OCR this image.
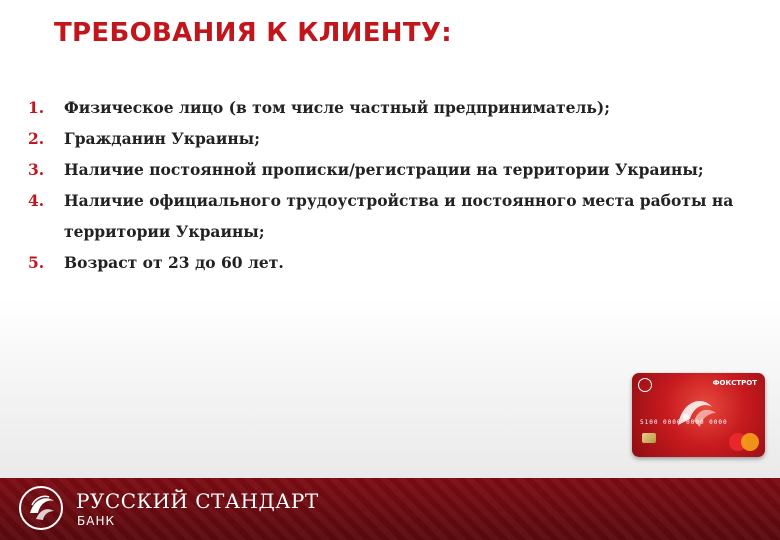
ТРЕБОВАНИЯ К КЛИЕНТУ:
1.	Физическое лицо (в том числе частный предприниматель);
2.	Гражданин Украины;
3.	Наличие постоянной прописки/регистрации на территории Украины;
4.	Наличие официального трудоустройства и постоянного места работы на территории Украины;
5.	Возраст от 23 до 60 лет.
ФОКСТРОТ
5100 0000 0000 0000
РУССКИЙ СТАНДАРТ
БАНК
